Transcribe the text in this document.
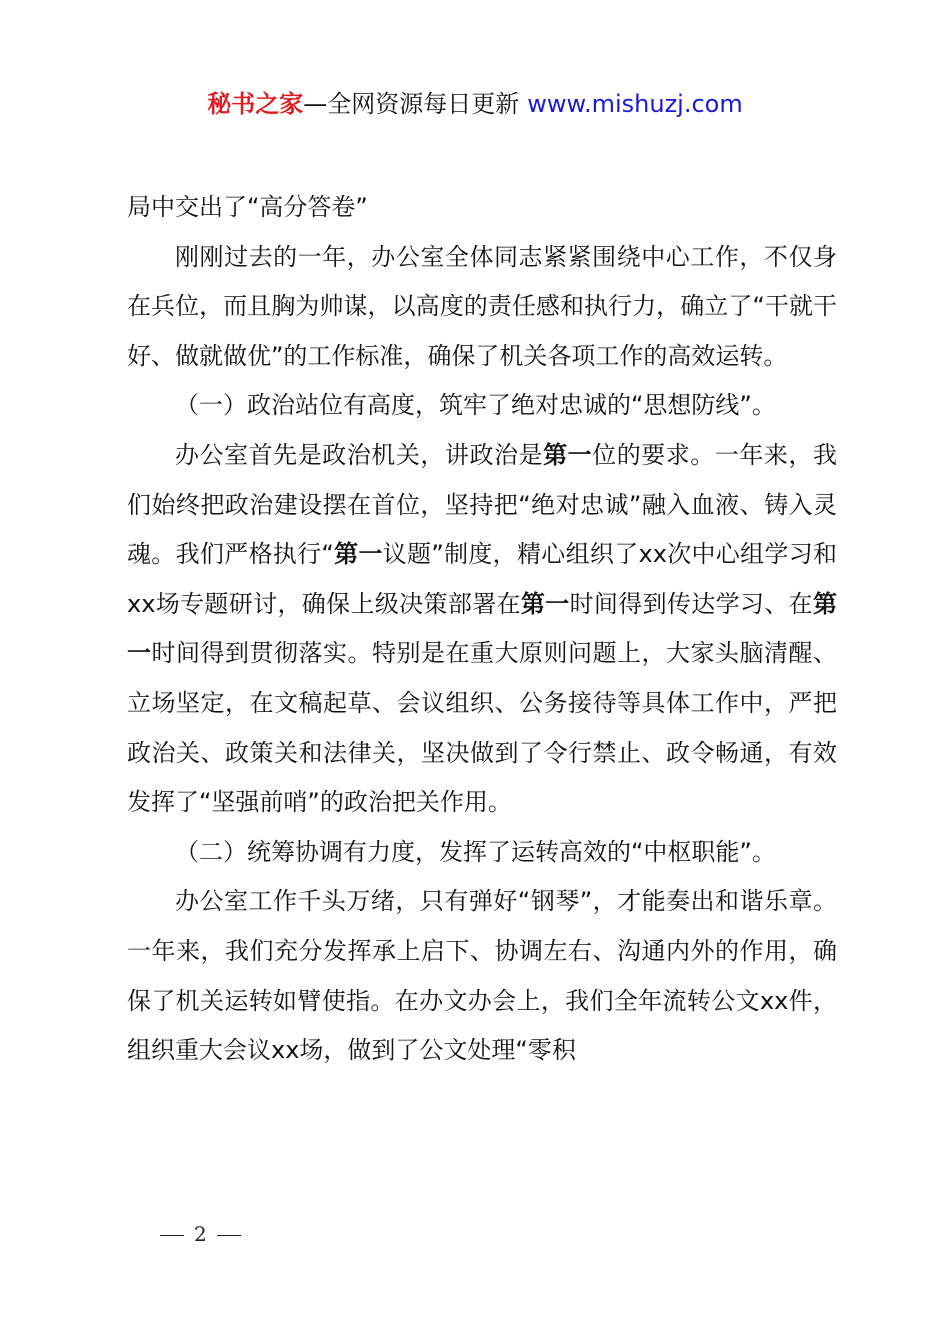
秘书之家—全网资源每日更新 www.mishuzj.com

局中交出了“高分答卷”

刚刚过去的一年，办公室全体同志紧紧围绕中心工作，不仅身在兵位，而且胸为帅谋，以高度的责任感和执行力，确立了“干就干好、做就做优”的工作标准，确保了机关各项工作的高效运转。

（一）政治站位有高度，筑牢了绝对忠诚的“思想防线”。

办公室首先是政治机关，讲政治是第一位的要求。一年来，我们始终把政治建设摆在首位，坚持把“绝对忠诚”融入血液、铸入灵魂。我们严格执行“第一议题”制度，精心组织了xx次中心组学习和xx场专题研讨，确保上级决策部署在第一时间得到传达学习、在第一时间得到贯彻落实。特别是在重大原则问题上，大家头脑清醒、立场坚定，在文稿起草、会议组织、公务接待等具体工作中，严把政治关、政策关和法律关，坚决做到了令行禁止、政令畅通，有效发挥了“坚强前哨”的政治把关作用。

（二）统筹协调有力度，发挥了运转高效的“中枢职能”。

办公室工作千头万绪，只有弹好“钢琴”，才能奏出和谐乐章。一年来，我们充分发挥承上启下、协调左右、沟通内外的作用，确保了机关运转如臂使指。在办文办会上，我们全年流转公文xx件，组织重大会议xx场，做到了公文处理“零积

2
